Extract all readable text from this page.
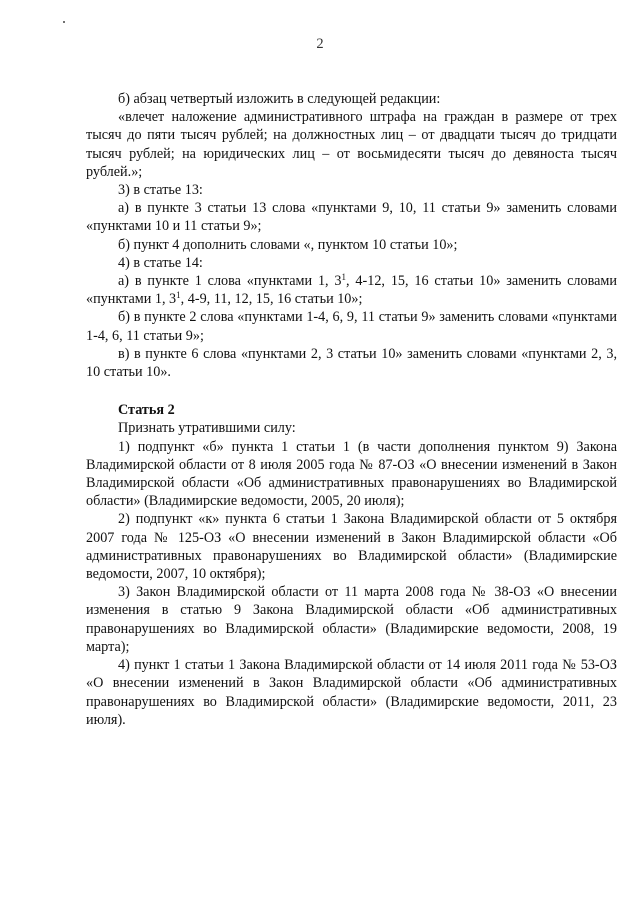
2

б) абзац четвертый изложить в следующей редакции:

«влечет наложение административного штрафа на граждан в размере от трех тысяч до пяти тысяч рублей; на должностных лиц – от двадцати тысяч до тридцати тысяч рублей; на юридических лиц – от восьмидесяти тысяч до девяноста тысяч рублей.»;

3) в статье 13:

а) в пункте 3 статьи 13 слова «пунктами 9, 10, 11 статьи 9» заменить словами «пунктами 10 и 11 статьи 9»;

б) пункт 4 дополнить словами «, пунктом 10 статьи 10»;

4) в статье 14:

а) в пункте 1 слова «пунктами 1, $3^1$, 4-12, 15, 16 статьи 10» заменить словами «пунктами 1, $3^1$, 4-9, 11, 12, 15, 16 статьи 10»;

б) в пункте 2 слова «пунктами 1-4, 6, 9, 11 статьи 9» заменить словами «пунктами 1-4, 6, 11 статьи 9»;

в) в пункте 6 слова «пунктами 2, 3 статьи 10» заменить словами «пунктами 2, 3, 10 статьи 10».

Статья 2

Признать утратившими силу:

1) подпункт «б» пункта 1 статьи 1 (в части дополнения пунктом 9) Закона Владимирской области от 8 июля 2005 года № 87-ОЗ «О внесении изменений в Закон Владимирской области «Об административных правонарушениях во Владимирской области» (Владимирские ведомости, 2005, 20 июля);

2) подпункт «к» пункта 6 статьи 1 Закона Владимирской области от 5 октября 2007 года № 125-ОЗ «О внесении изменений в Закон Владимирской области «Об административных правонарушениях во Владимирской области» (Владимирские ведомости, 2007, 10 октября);

3) Закон Владимирской области от 11 марта 2008 года № 38-ОЗ «О внесении изменения в статью 9 Закона Владимирской области «Об административных правонарушениях во Владимирской области» (Владимирские ведомости, 2008, 19 марта);

4) пункт 1 статьи 1 Закона Владимирской области от 14 июля 2011 года № 53-ОЗ «О внесении изменений в Закон Владимирской области «Об административных правонарушениях во Владимирской области» (Владимирские ведомости, 2011, 23 июля).
